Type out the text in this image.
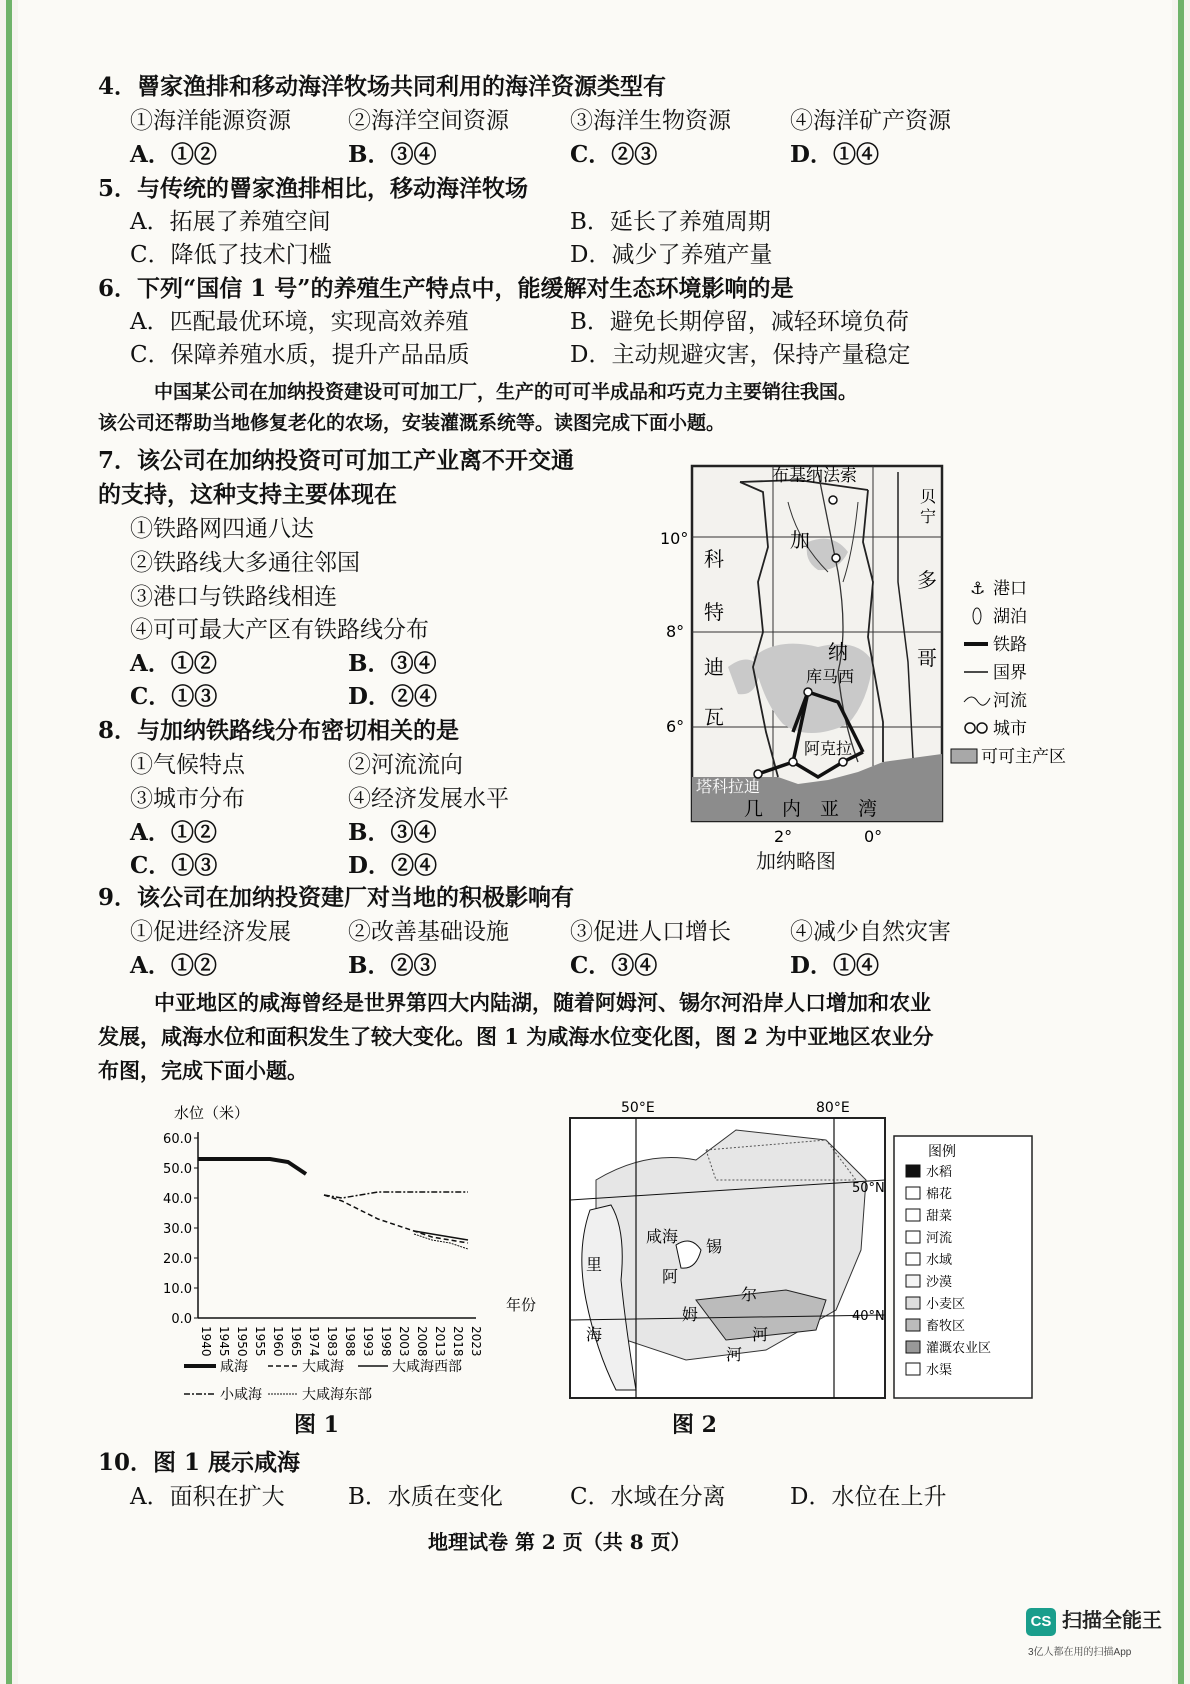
4．罾家渔排和移动海洋牧场共同利用的海洋资源类型有
①海洋能源资源 ②海洋空间资源	③海洋生物资源	④海洋矿产资源
A．①②	B．③④	C．②③	D．①④
5．与传统的罾家渔排相比，移动海洋牧场
A．拓展了养殖空间	B．延长了养殖周期
C．降低了技术门槛	D．减少了养殖产量
6．下列“国信 1 号”的养殖生产特点中，能缓解对生态环境影响的是
A．匹配最优环境，实现高效养殖	B．避免长期停留，减轻环境负荷
C．保障养殖水质，提升产品品质	D．主动规避灾害，保持产量稳定
中国某公司在加纳投资建设可可加工厂，生产的可可半成品和巧克力主要销往我国。
该公司还帮助当地修复老化的农场，安装灌溉系统等。读图完成下面小题。
7．该公司在加纳投资可可加工产业离不开交通
的支持，这种支持主要体现在
①铁路网四通八达
②铁路线大多通往邻国
③港口与铁路线相连
④可可最大产区有铁路线分布
A．①②	B．③④
C．①③	D．②④
8．与加纳铁路线分布密切相关的是
①气候特点	②河流流向
③城市分布	④经济发展水平
A．①②	B．③④
C．①③	D．②④
布基纳法索
贝
宁
10°
8°
6°
2°	0°
科
特
迪
瓦
加
纳
多
哥
库马西
阿克拉
塔科拉迪
几　内　亚　湾
⚓ 港口
湖泊
铁路
国界
河流
城市
可可主产区
加纳略图
9．该公司在加纳投资建厂对当地的积极影响有
①促进经济发展 ②改善基础设施	③促进人口增长	④减少自然灾害
A．①②	B．②③	C．③④	D．①④
中亚地区的咸海曾经是世界第四大内陆湖，随着阿姆河、锡尔河沿岸人口增加和农业
发展，咸海水位和面积发生了较大变化。图 1 为咸海水位变化图，图 2 为中亚地区农业分
布图，完成下面小题。
水位（米）
0.0
10.0
20.0
30.0
40.0
50.0
60.0
1940 1945 1950 1955 1960 1965 1974 1983 1988 1993 1998 2003 2008 2013 2018 2023
年份
咸海	大咸海	大咸海西部
小咸海	大咸海东部
图 1
50°E	80°E
50°N
40°N
咸海
锡
尔
阿
姆
河
河
里
海
图例
水稻
棉花
甜菜
河流
水域
沙漠
小麦区
畜牧区
灌溉农业区
水渠
图 2
10．图 1 展示咸海
A．面积在扩大	B．水质在变化	C．水域在分离	D．水位在上升
地理试卷 第 2 页（共 8 页）
CS 扫描全能王
3亿人都在用的扫描App
